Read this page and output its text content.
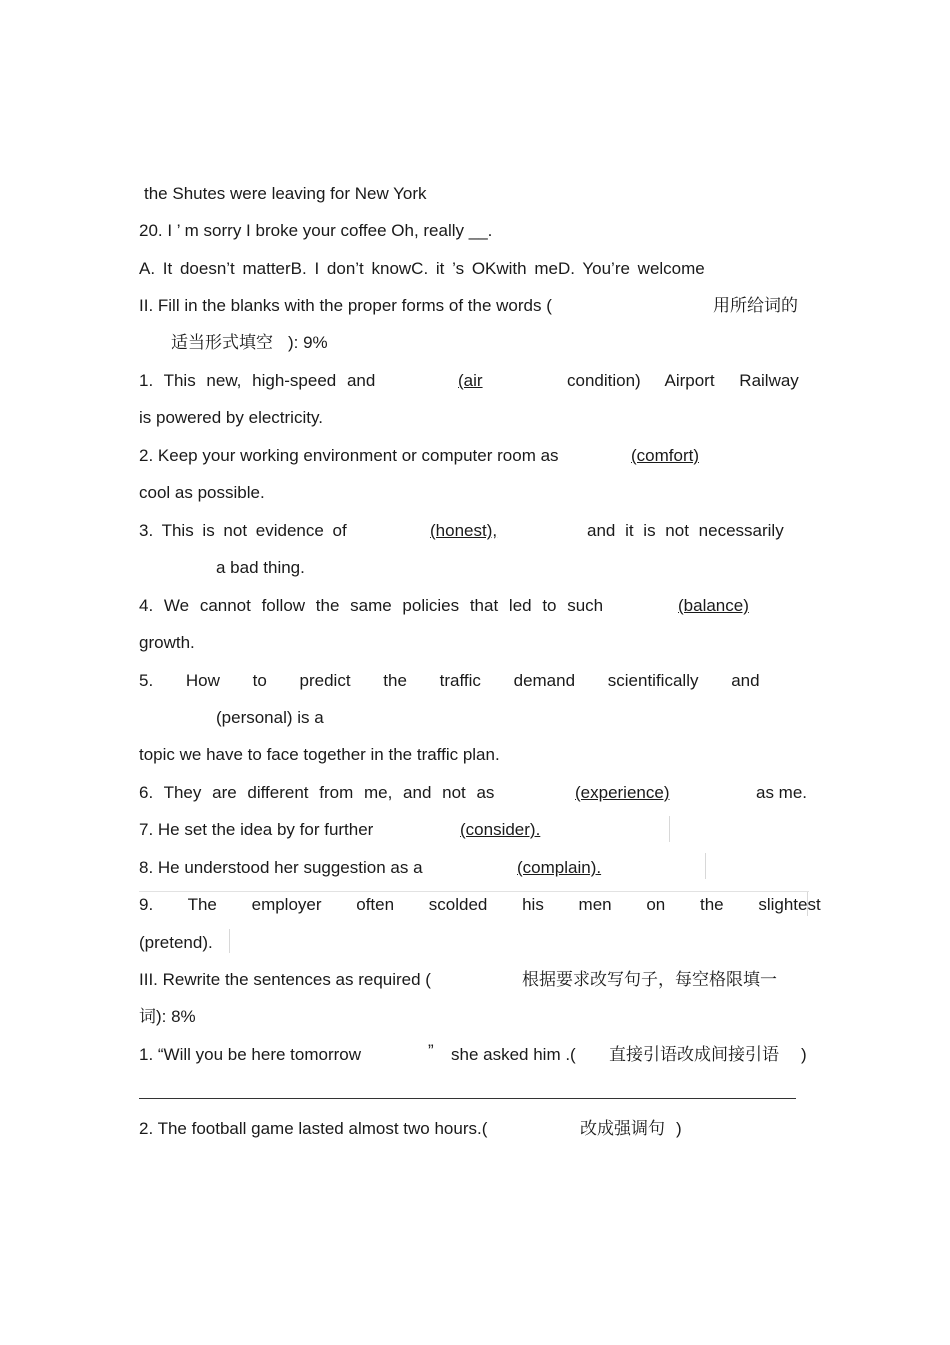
the Shutes were leaving for New York
20. I ’ m sorry I broke your coffee Oh, really __.
A. It doesn’t matterB. I don’t knowC. it ’s OKwith meD. You’re welcome
II. Fill in the blanks with the proper forms of the words (	用所给词的
适当形式填空 ): 9%
1. This new, high-speed and	(air	condition) Airport Railway
is powered by electricity.
2. Keep your working environment or computer room as	(comfort)
cool as possible.
3. This is not evidence of	(honest),	and it is not necessarily
a bad thing.
4. We cannot follow the same policies that led to such	(balance)
growth.
5. How to predict the traffic demand scientifically and
(personal) is a
topic we have to face together in the traffic plan.
6. They are different from me, and not as	(experience)	as me.
7. He set the idea by for further	(consider).
8. He understood her suggestion as a	(complain).
9. The employer often scolded his men on the slightest
(pretend).
III. Rewrite the sentences as required (	根据要求改写句子，每空格限填一
词): 8%
1. “Will you be here tomorrow	” she asked him .( 直接引语改成间接引语 )
2. The football game lasted almost two hours.(	改成强调句 )
